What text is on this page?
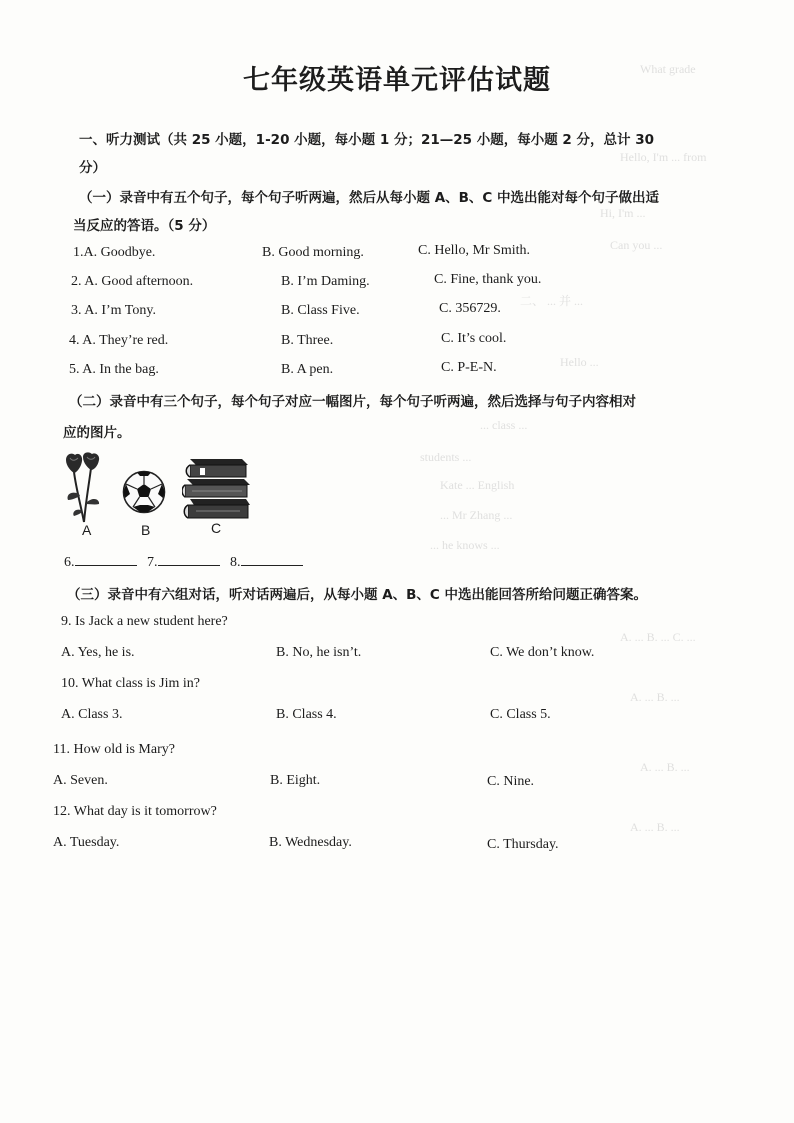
What grade
Hello, I'm ... from
Hi, I'm ...
Can you ...
二、 ... 并 ...
Hello ...
... class ...
students ...
Kate ... English
... Mr Zhang ...
... he knows ...
A. ... B. ... C. ...
A. ... B. ...
A. ... B. ...
A. ... B. ...
七年级英语单元评估试题
一、听力测试（共 25 小题，1-20 小题，每小题 1 分；21—25 小题，每小题 2 分，总计 30
分）
（一）录音中有五个句子，每个句子听两遍，然后从每小题 A、B、C 中选出能对每个句子做出适
当反应的答语。（5 分）
1.A. Goodbye.	B. Good morning.	C. Hello, Mr Smith.
2. A. Good afternoon.	B. I’m Daming.	C. Fine, thank you.
3. A. I’m Tony.	B. Class Five.	C. 356729.
4. A. They’re red.	B. Three.	C. It’s cool.
5. A. In the bag.	B. A pen.	C. P-E-N.
（二）录音中有三个句子，每个句子对应一幅图片，每个句子听两遍，然后选择与句子内容相对
应的图片。
A	B	C
6.	7.	8.
（三）录音中有六组对话，听对话两遍后，从每小题 A、B、C 中选出能回答所给问题正确答案。
9. Is Jack a new student here?
A. Yes, he is.	B. No, he isn’t.	C. We don’t know.
10. What class is Jim in?
A. Class 3.	B. Class 4.	C. Class 5.
11. How old is Mary?
A. Seven.	B. Eight.	C. Nine.
12. What day is it tomorrow?
A. Tuesday.	B. Wednesday.	C. Thursday.
